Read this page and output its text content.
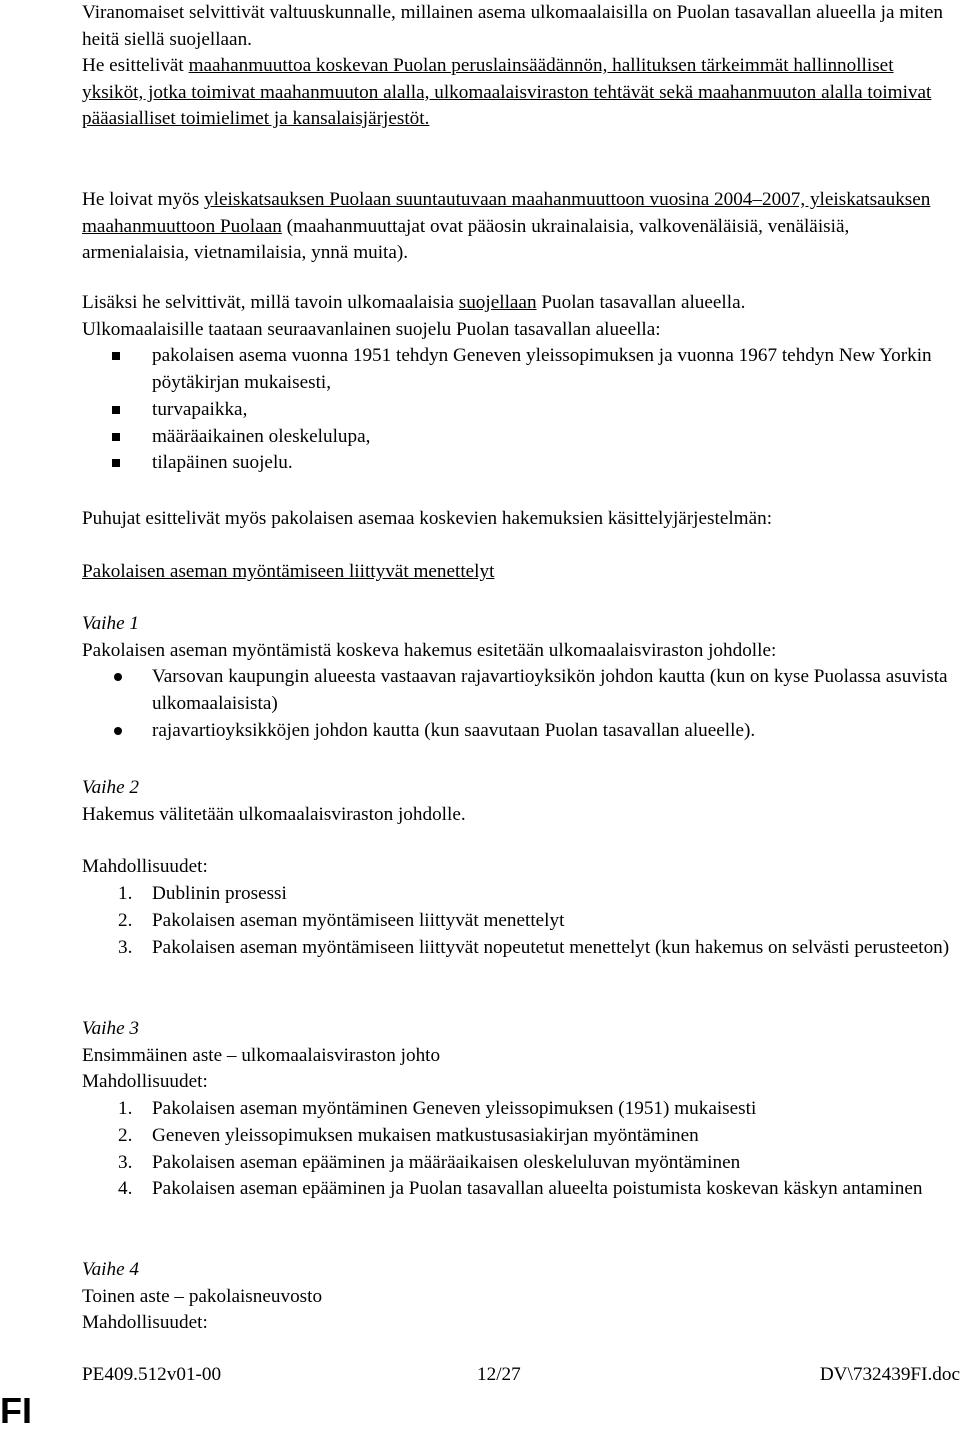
Viranomaiset selvittivät valtuuskunnalle, millainen asema ulkomaalaisilla on Puolan tasavallan alueella ja miten heitä siellä suojellaan.

He esittelivät maahanmuuttoa koskevan Puolan peruslainsäädännön, hallituksen tärkeimmät hallinnolliset yksiköt, jotka toimivat maahanmuuton alalla, ulkomaalaisviraston tehtävät sekä maahanmuuton alalla toimivat pääasialliset toimielimet ja kansalaisjärjestöt.

He loivat myös yleiskatsauksen Puolaan suuntautuvaan maahanmuuttoon vuosina 2004–2007, yleiskatsauksen maahanmuuttoon Puolaan (maahanmuuttajat ovat pääosin ukrainalaisia, valkovenäläisiä, venäläisiä, armenialaisia, vietnamilaisia, ynnä muita).

Lisäksi he selvittivät, millä tavoin ulkomaalaisia suojellaan Puolan tasavallan alueella.

Ulkomaalaisille taataan seuraavanlainen suojelu Puolan tasavallan alueella:

pakolaisen asema vuonna 1951 tehdyn Geneven yleissopimuksen ja vuonna 1967 tehdyn New Yorkin pöytäkirjan mukaisesti,
turvapaikka,
määräaikainen oleskelulupa,
tilapäinen suojelu.

Puhujat esittelivät myös pakolaisen asemaa koskevien hakemuksien käsittelyjärjestelmän:

Pakolaisen aseman myöntämiseen liittyvät menettelyt

Vaihe 1

Pakolaisen aseman myöntämistä koskeva hakemus esitetään ulkomaalaisviraston johdolle:

Varsovan kaupungin alueesta vastaavan rajavartioyksikön johdon kautta (kun on kyse Puolassa asuvista ulkomaalaisista)
rajavartioyksikköjen johdon kautta (kun saavutaan Puolan tasavallan alueelle).

Vaihe 2

Hakemus välitetään ulkomaalaisviraston johdolle.

Mahdollisuudet:

1. Dublinin prosessi
2. Pakolaisen aseman myöntämiseen liittyvät menettelyt
3. Pakolaisen aseman myöntämiseen liittyvät nopeutetut menettelyt (kun hakemus on selvästi perusteeton)

Vaihe 3

Ensimmäinen aste – ulkomaalaisviraston johto

Mahdollisuudet:

1. Pakolaisen aseman myöntäminen Geneven yleissopimuksen (1951) mukaisesti
2. Geneven yleissopimuksen mukaisen matkustusasiakirjan myöntäminen
3. Pakolaisen aseman epääminen ja määräaikaisen oleskeluluvan myöntäminen
4. Pakolaisen aseman epääminen ja Puolan tasavallan alueelta poistumista koskevan käskyn antaminen

Vaihe 4

Toinen aste – pakolaisneuvosto

Mahdollisuudet:

PE409.512v01-00	12/27	DV\732439FI.doc
FI
